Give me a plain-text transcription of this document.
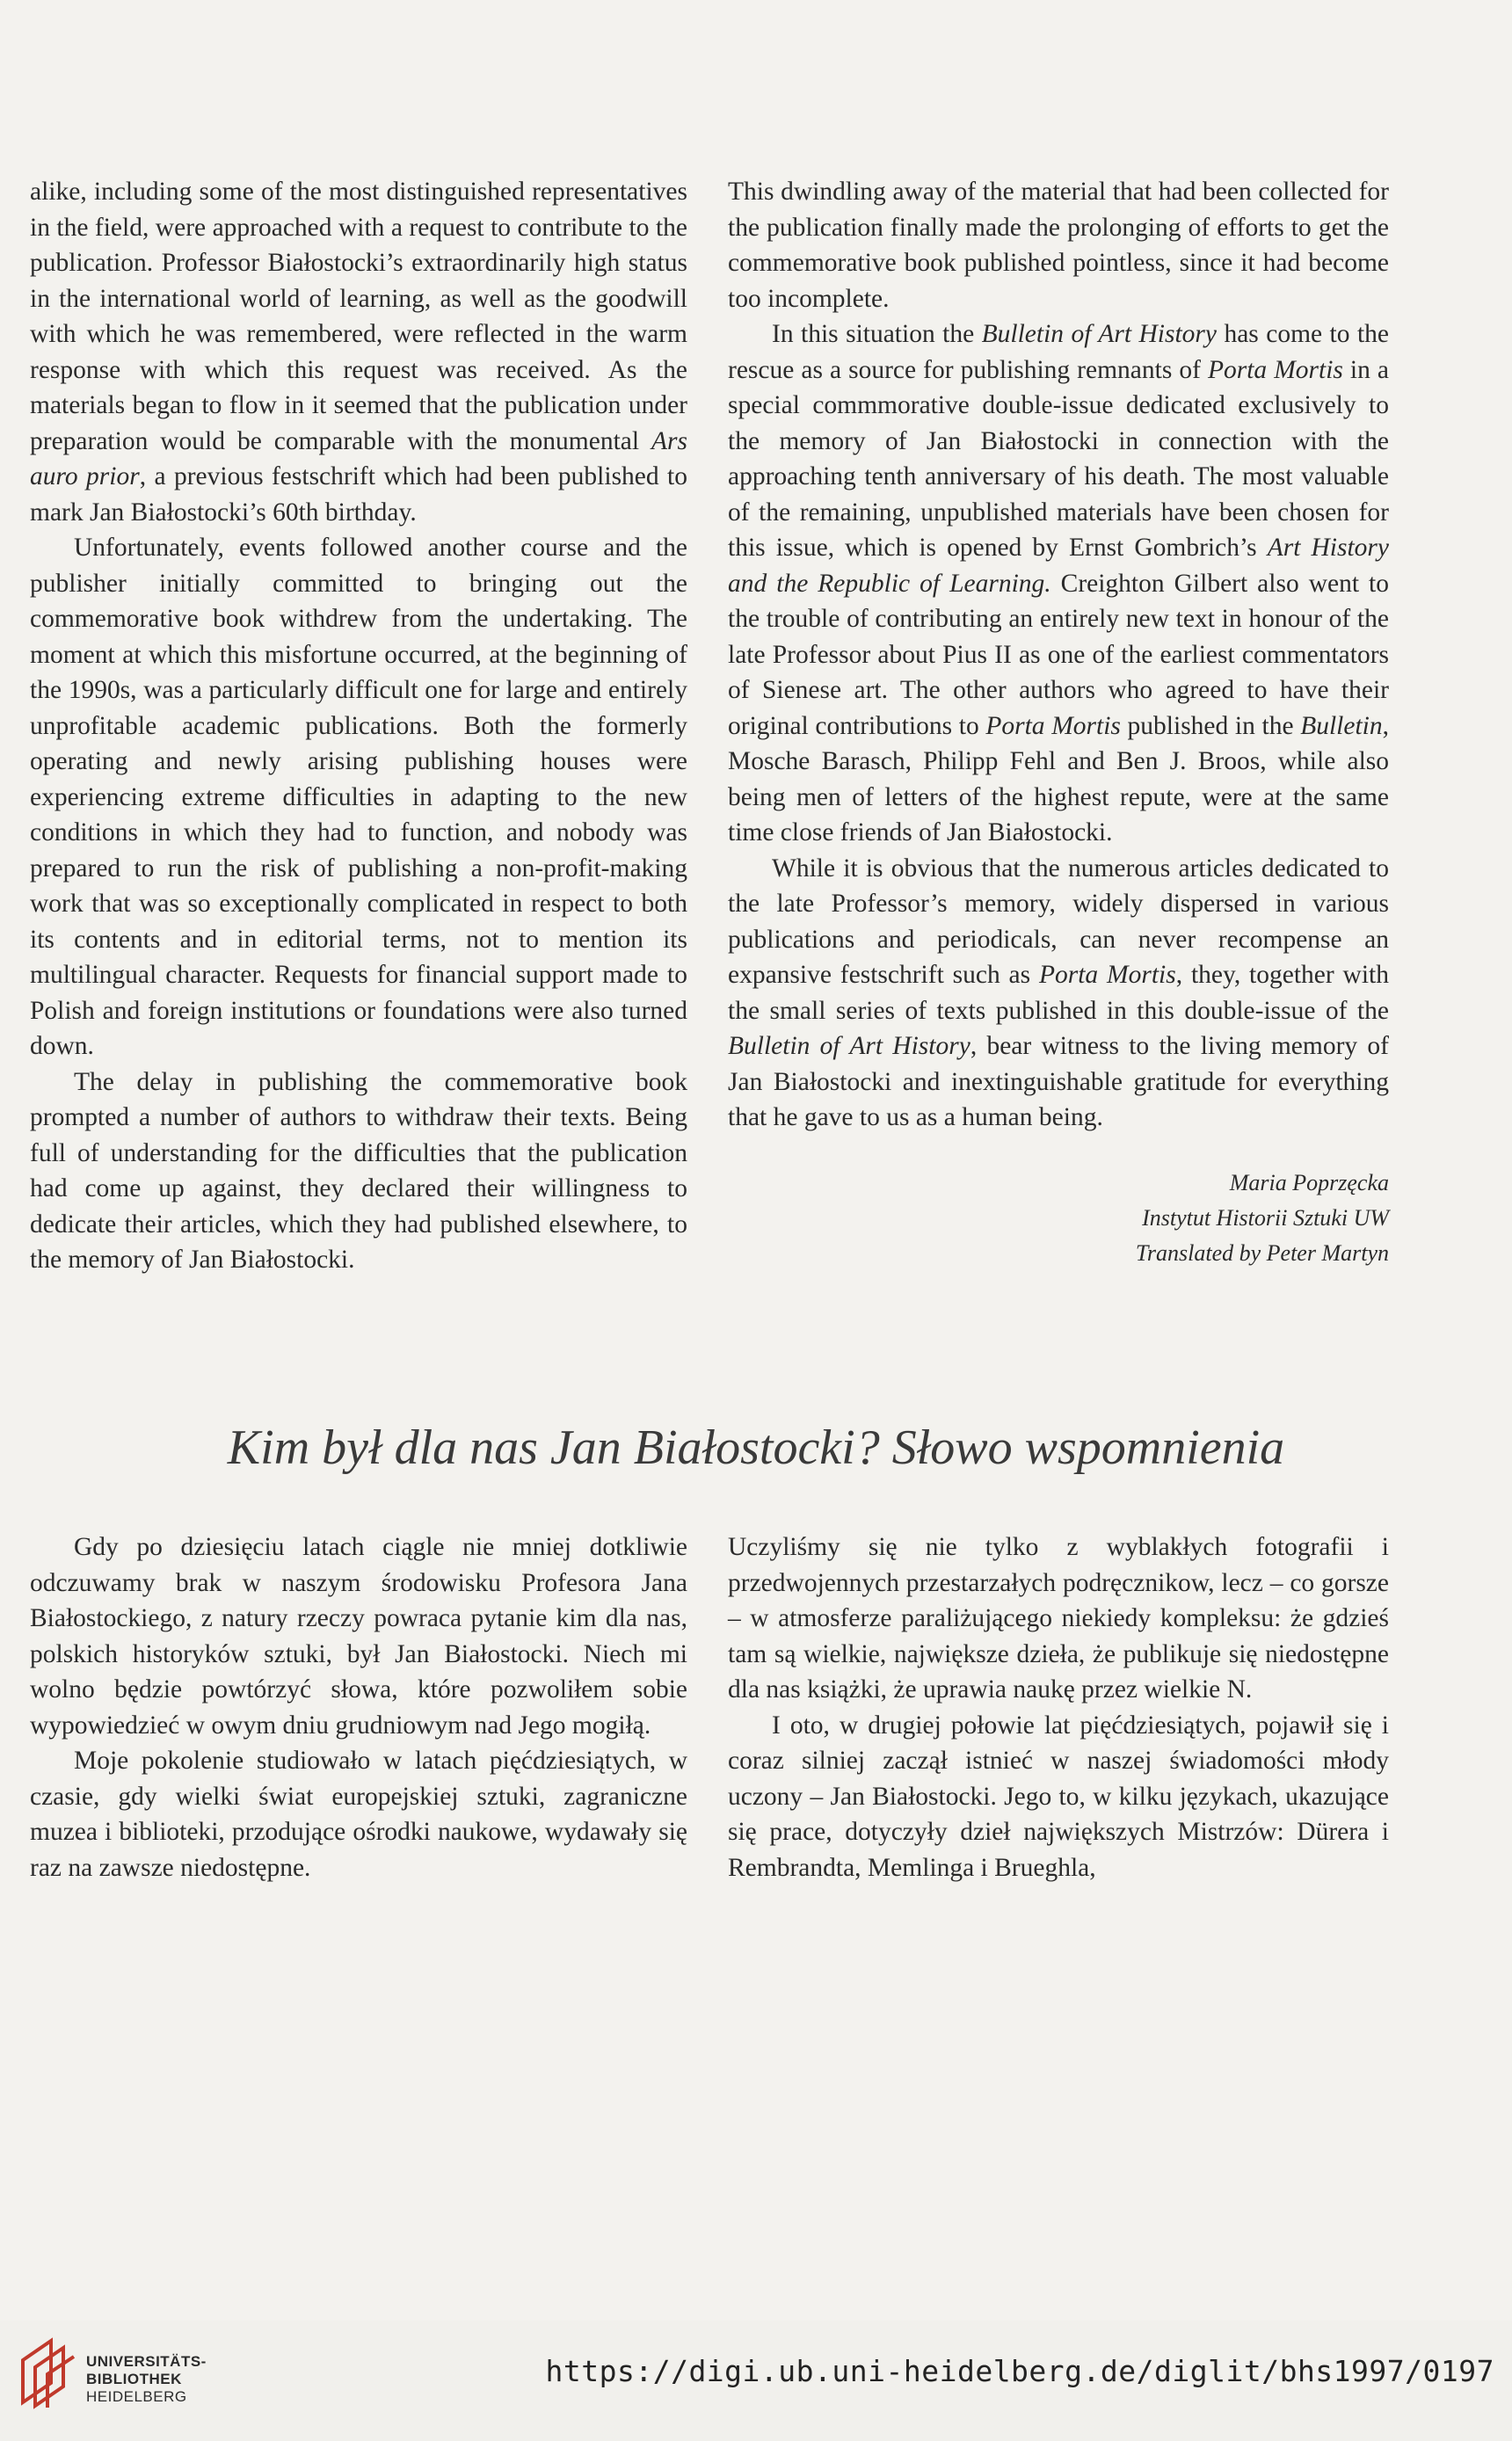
alike, including some of the most distinguished representatives in the field, were approached with a request to contribute to the publication. Professor Białostocki’s extraordinarily high status in the international world of learning, as well as the goodwill with which he was remembered, were reflected in the warm response with which this request was received. As the materials began to flow in it seemed that the publication under preparation would be comparable with the monumental Ars auro prior, a previous festschrift which had been published to mark Jan Białostocki’s 60th birthday.

Unfortunately, events followed another course and the publisher initially committed to bringing out the commemorative book withdrew from the undertaking. The moment at which this misfortune occurred, at the beginning of the 1990s, was a particularly difficult one for large and entirely unprofitable academic publications. Both the formerly operating and newly arising publishing houses were experiencing extreme difficulties in adapting to the new conditions in which they had to function, and nobody was prepared to run the risk of publishing a non-profit-making work that was so exceptionally complicated in respect to both its contents and in editorial terms, not to mention its multilingual character. Requests for financial support made to Polish and foreign institutions or foundations were also turned down.

The delay in publishing the commemorative book prompted a number of authors to withdraw their texts. Being full of understanding for the difficulties that the publication had come up against, they declared their willingness to dedicate their articles, which they had published elsewhere, to the memory of Jan Białostocki.

This dwindling away of the material that had been collected for the publication finally made the prolonging of efforts to get the commemorative book published pointless, since it had become too incomplete.

In this situation the Bulletin of Art History has come to the rescue as a source for publishing remnants of Porta Mortis in a special commmorative double-issue dedicated exclusively to the memory of Jan Białostocki in connection with the approaching tenth anniversary of his death. The most valuable of the remaining, unpublished materials have been chosen for this issue, which is opened by Ernst Gombrich’s Art History and the Republic of Learning. Creighton Gilbert also went to the trouble of contributing an entirely new text in honour of the late Professor about Pius II as one of the earliest commentators of Sienese art. The other authors who agreed to have their original contributions to Porta Mortis published in the Bulletin, Mosche Barasch, Philipp Fehl and Ben J. Broos, while also being men of letters of the highest repute, were at the same time close friends of Jan Białostocki.

While it is obvious that the numerous articles dedicated to the late Professor’s memory, widely dispersed in various publications and periodicals, can never recompense an expansive festschrift such as Porta Mortis, they, together with the small series of texts published in this double-issue of the Bulletin of Art History, bear witness to the living memory of Jan Białostocki and inextinguishable gratitude for everything that he gave to us as a human being.

Maria Poprzęcka
Instytut Historii Sztuki UW
Translated by Peter Martyn
Kim był dla nas Jan Białostocki? Słowo wspomnienia

Gdy po dziesięciu latach ciągle nie mniej dotkliwie odczuwamy brak w naszym środowisku Profesora Jana Białostockiego, z natury rzeczy powraca pytanie kim dla nas, polskich historyków sztuki, był Jan Białostocki. Niech mi wolno będzie powtórzyć słowa, które pozwoliłem sobie wypowiedzieć w owym dniu grudniowym nad Jego mogiłą.

Moje pokolenie studiowało w latach pięćdziesiątych, w czasie, gdy wielki świat europejskiej sztuki, zagraniczne muzea i biblioteki, przodujące ośrodki naukowe, wydawały się raz na zawsze niedostępne.

Uczyliśmy się nie tylko z wyblakłych fotografii i przedwojennych przestarzałych podręcznikow, lecz – co gorsze – w atmosferze paraliżującego niekiedy kompleksu: że gdzieś tam są wielkie, największe dzieła, że publikuje się niedostępne dla nas książki, że uprawia naukę przez wielkie N.

I oto, w drugiej połowie lat pięćdziesiątych, pojawił się i coraz silniej zaczął istnieć w naszej świadomości młody uczony – Jan Białostocki. Jego to, w kilku językach, ukazujące się prace, dotyczyły dzieł największych Mistrzów: Dürera i Rembrandta, Memlinga i Brueghla,

UNIVERSITÄTS-
BIBLIOTHEK
HEIDELBERG
https://digi.ub.uni-heidelberg.de/diglit/bhs1997/0197
